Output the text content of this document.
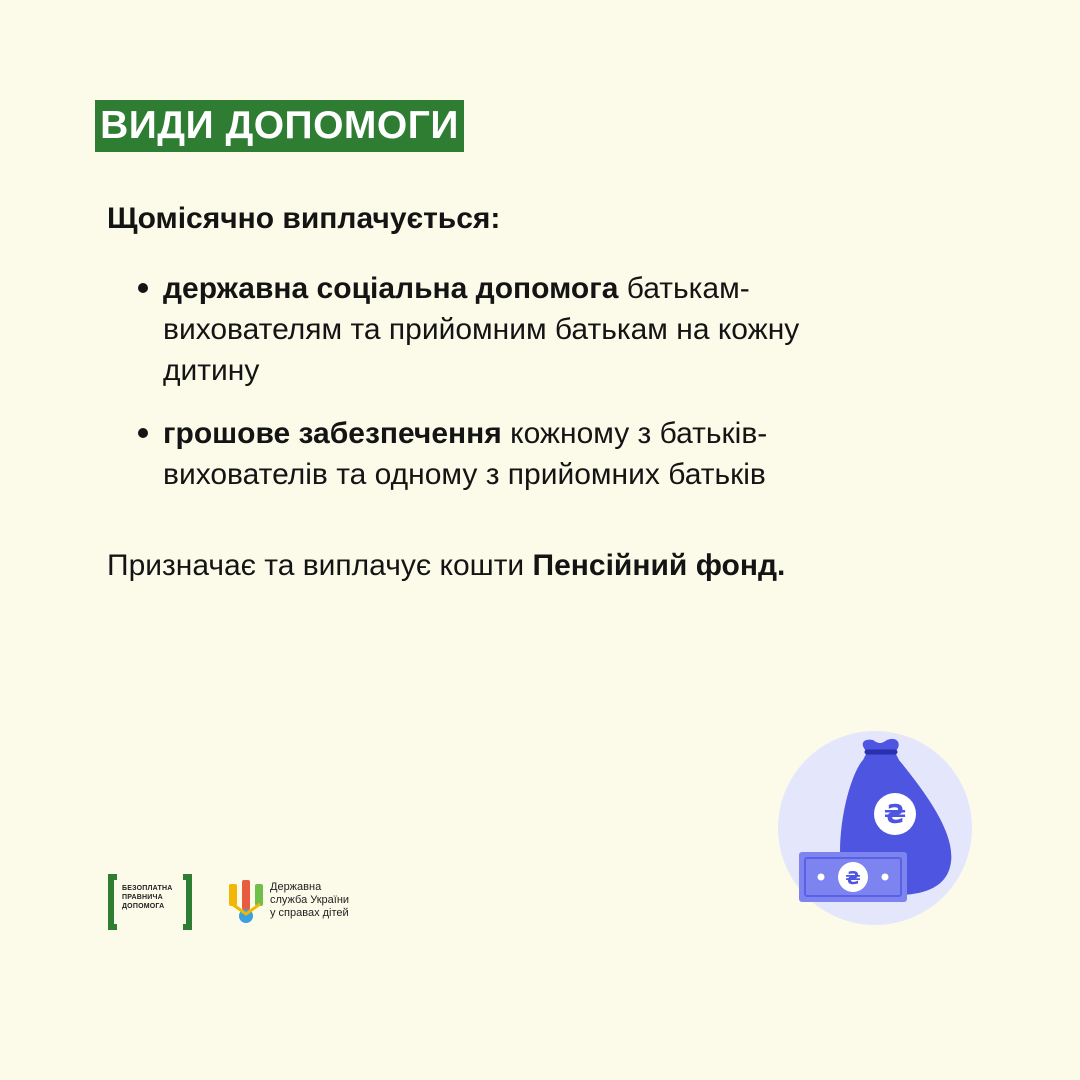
ВИДИ ДОПОМОГИ
Щомісячно виплачується:
державна соціальна допомога батькам-
вихователям та прийомним батькам на кожну
дитину
грошове забезпечення кожному з батьків-
вихователів та одному з прийомних батьків
Призначає та виплачує кошти Пенсійний фонд.
БЕЗОПЛАТНА
ПРАВНИЧА
ДОПОМОГА
Державна
служба України
у справах дітей
₴
₴
